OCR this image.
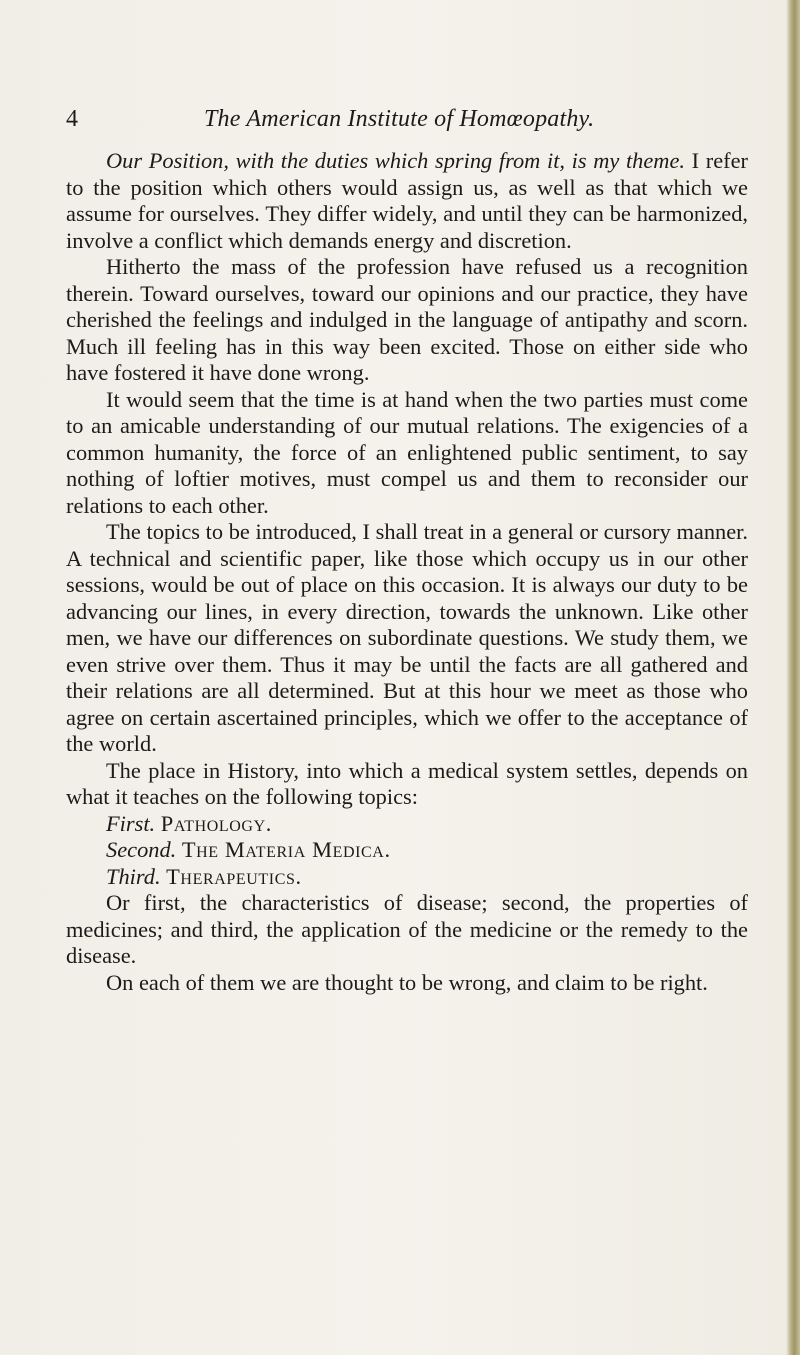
4	The American Institute of Homœopathy.

Our Position, with the duties which spring from it, is my theme. I refer to the position which others would assign us, as well as that which we assume for ourselves. They differ widely, and until they can be harmonized, involve a conflict which demands energy and discretion.

Hitherto the mass of the profession have refused us a recognition therein. Toward ourselves, toward our opinions and our practice, they have cherished the feelings and indulged in the language of antipathy and scorn. Much ill feeling has in this way been excited. Those on either side who have fostered it have done wrong.

It would seem that the time is at hand when the two parties must come to an amicable understanding of our mutual relations. The exigencies of a common humanity, the force of an enlightened public sentiment, to say nothing of loftier motives, must compel us and them to reconsider our relations to each other.

The topics to be introduced, I shall treat in a general or cursory manner. A technical and scientific paper, like those which occupy us in our other sessions, would be out of place on this occasion. It is always our duty to be advancing our lines, in every direction, towards the unknown. Like other men, we have our differences on subordinate questions. We study them, we even strive over them. Thus it may be until the facts are all gathered and their relations are all determined. But at this hour we meet as those who agree on certain ascertained principles, which we offer to the acceptance of the world.

The place in History, into which a medical system settles, depends on what it teaches on the following topics:

First. Pathology.

Second. The Materia Medica.

Third. Therapeutics.

Or first, the characteristics of disease; second, the properties of medicines; and third, the application of the medicine or the remedy to the disease.

On each of them we are thought to be wrong, and claim to be right.
